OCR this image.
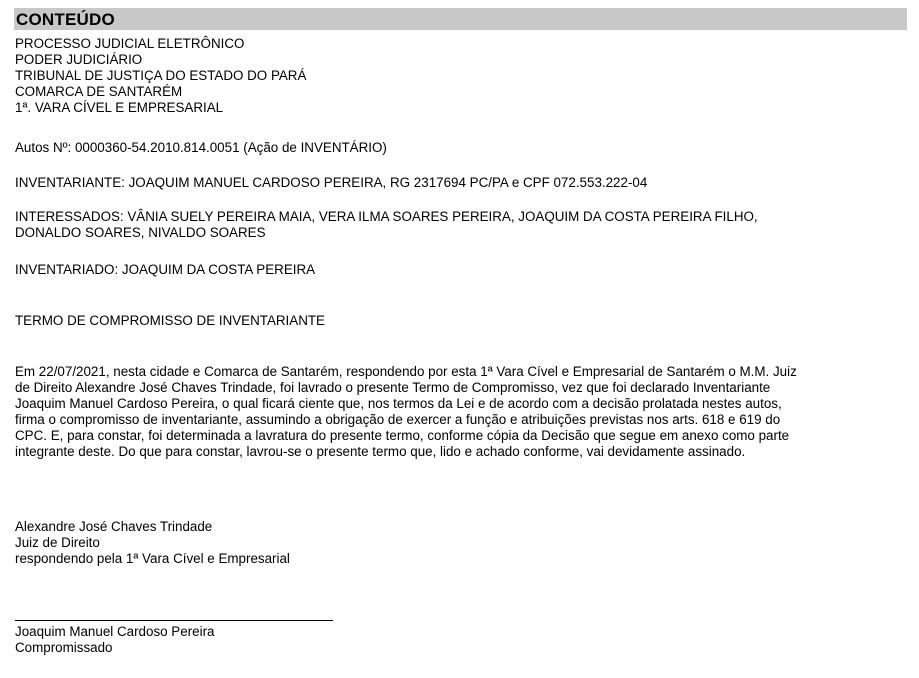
CONTEÚDO
PROCESSO JUDICIAL ELETRÔNICO
PODER JUDICIÁRIO
TRIBUNAL DE JUSTIÇA DO ESTADO DO PARÁ
COMARCA DE SANTARÉM
1ª. VARA CÍVEL E EMPRESARIAL
Autos Nº: 0000360-54.2010.814.0051 (Ação de INVENTÁRIO)
INVENTARIANTE: JOAQUIM MANUEL CARDOSO PEREIRA, RG 2317694 PC/PA e CPF 072.553.222-04
INTERESSADOS: VÂNIA SUELY PEREIRA MAIA, VERA ILMA SOARES PEREIRA, JOAQUIM DA COSTA PEREIRA FILHO,
DONALDO SOARES, NIVALDO SOARES
INVENTARIADO: JOAQUIM DA COSTA PEREIRA
TERMO DE COMPROMISSO DE INVENTARIANTE
Em 22/07/2021, nesta cidade e Comarca de Santarém, respondendo por esta 1ª Vara Cível e Empresarial de Santarém o M.M. Juiz
de Direito Alexandre José Chaves Trindade, foi lavrado o presente Termo de Compromisso, vez que foi declarado Inventariante
Joaquim Manuel Cardoso Pereira, o qual ficará ciente que, nos termos da Lei e de acordo com a decisão prolatada nestes autos,
firma o compromisso de inventariante, assumindo a obrigação de exercer a função e atribuições previstas nos arts. 618 e 619 do
CPC. E, para constar, foi determinada a lavratura do presente termo, conforme cópia da Decisão que segue em anexo como parte
integrante deste. Do que para constar, lavrou-se o presente termo que, lido e achado conforme, vai devidamente assinado.
Alexandre José Chaves Trindade
Juiz de Direito
respondendo pela 1ª Vara Cível e Empresarial
Joaquim Manuel Cardoso Pereira
Compromissado
